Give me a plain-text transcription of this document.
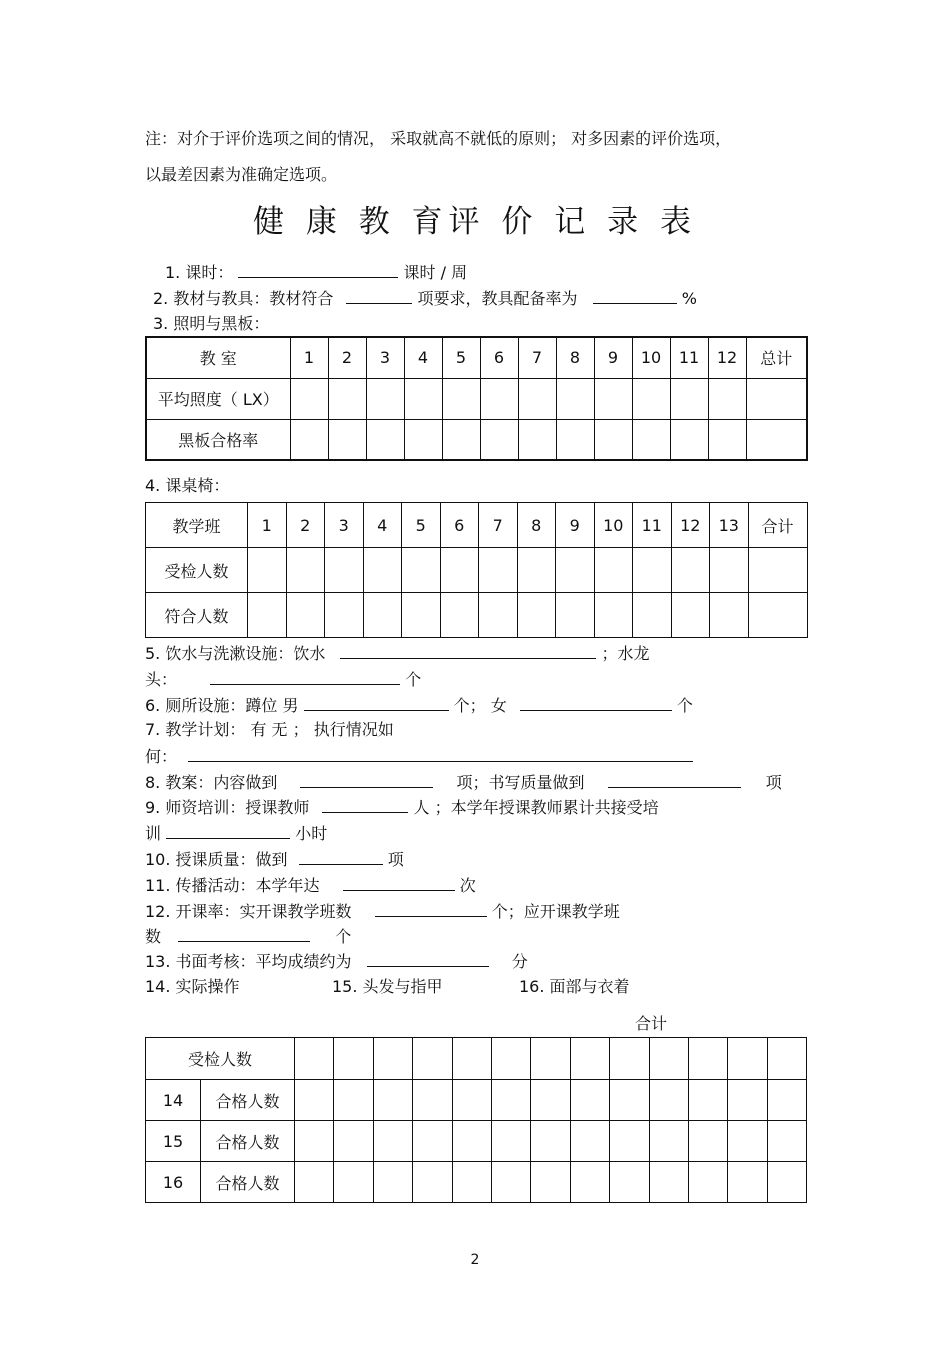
注：对介于评价选项之间的情况， 采取就高不就低的原则； 对多因素的评价选项，
以最差因素为准确定选项。
健 康 教 育评 价 记 录 表
1. 课时：	课时 / 周
2. 教材与教具：教材符合	项要求，教具配备率为	%
3. 照明与黑板：
教 室	1	2	3	4	5	6	7	8	9	10	11	12	总计
平均照度（ LX）													
黑板合格率													
4. 课桌椅：
教学班	1	2	3	4	5	6	7	8	9	10	11	12	13	合计
受检人数														
符合人数														
5. 饮水与洗漱设施：饮水	；水龙
头：	个
6. 厕所设施：蹲位 男	个； 女	个
7. 教学计划： 有 无 ； 执行情况如
何：
8. 教案：内容做到	项；书写质量做到	项
9. 师资培训：授课教师	人 ；本学年授课教师累计共接受培
训	小时
10. 授课质量：做到	项
11. 传播活动：本学年达	次
12. 开课率：实开课教学班数	个；应开课教学班
数	个
13. 书面考核：平均成绩约为	分
14. 实际操作	15. 头发与指甲	16. 面部与衣着
合计
受检人数														
14	合格人数													
15	合格人数													
16	合格人数													
2
